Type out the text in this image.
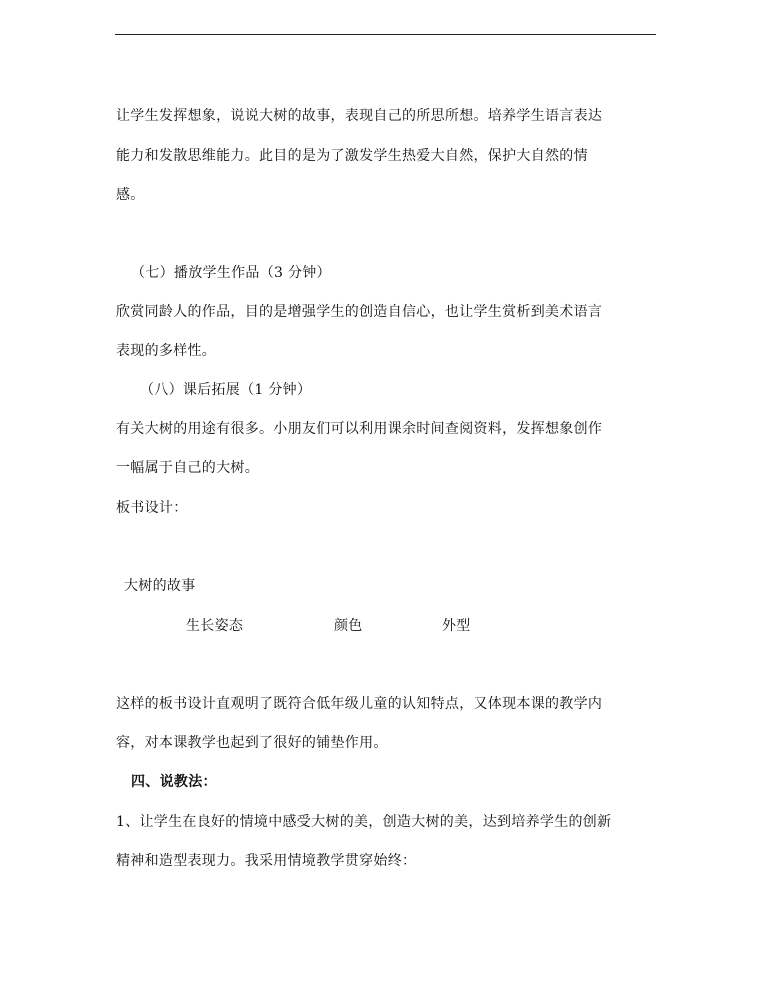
让学生发挥想象，说说大树的故事，表现自己的所思所想。培养学生语言表达
能力和发散思维能力。此目的是为了激发学生热爱大自然，保护大自然的情
感。
（七）播放学生作品（3 分钟）
欣赏同龄人的作品，目的是增强学生的创造自信心，也让学生赏析到美术语言
表现的多样性。
（八）课后拓展（1 分钟）
有关大树的用途有很多。小朋友们可以利用课余时间查阅资料，发挥想象创作
一幅属于自己的大树。
板书设计：
大树的故事
生长姿态	颜色	外型
这样的板书设计直观明了既符合低年级儿童的认知特点，又体现本课的教学内
容，对本课教学也起到了很好的铺垫作用。
四、说教法：
1、让学生在良好的情境中感受大树的美，创造大树的美，达到培养学生的创新
精神和造型表现力。我采用情境教学贯穿始终：
